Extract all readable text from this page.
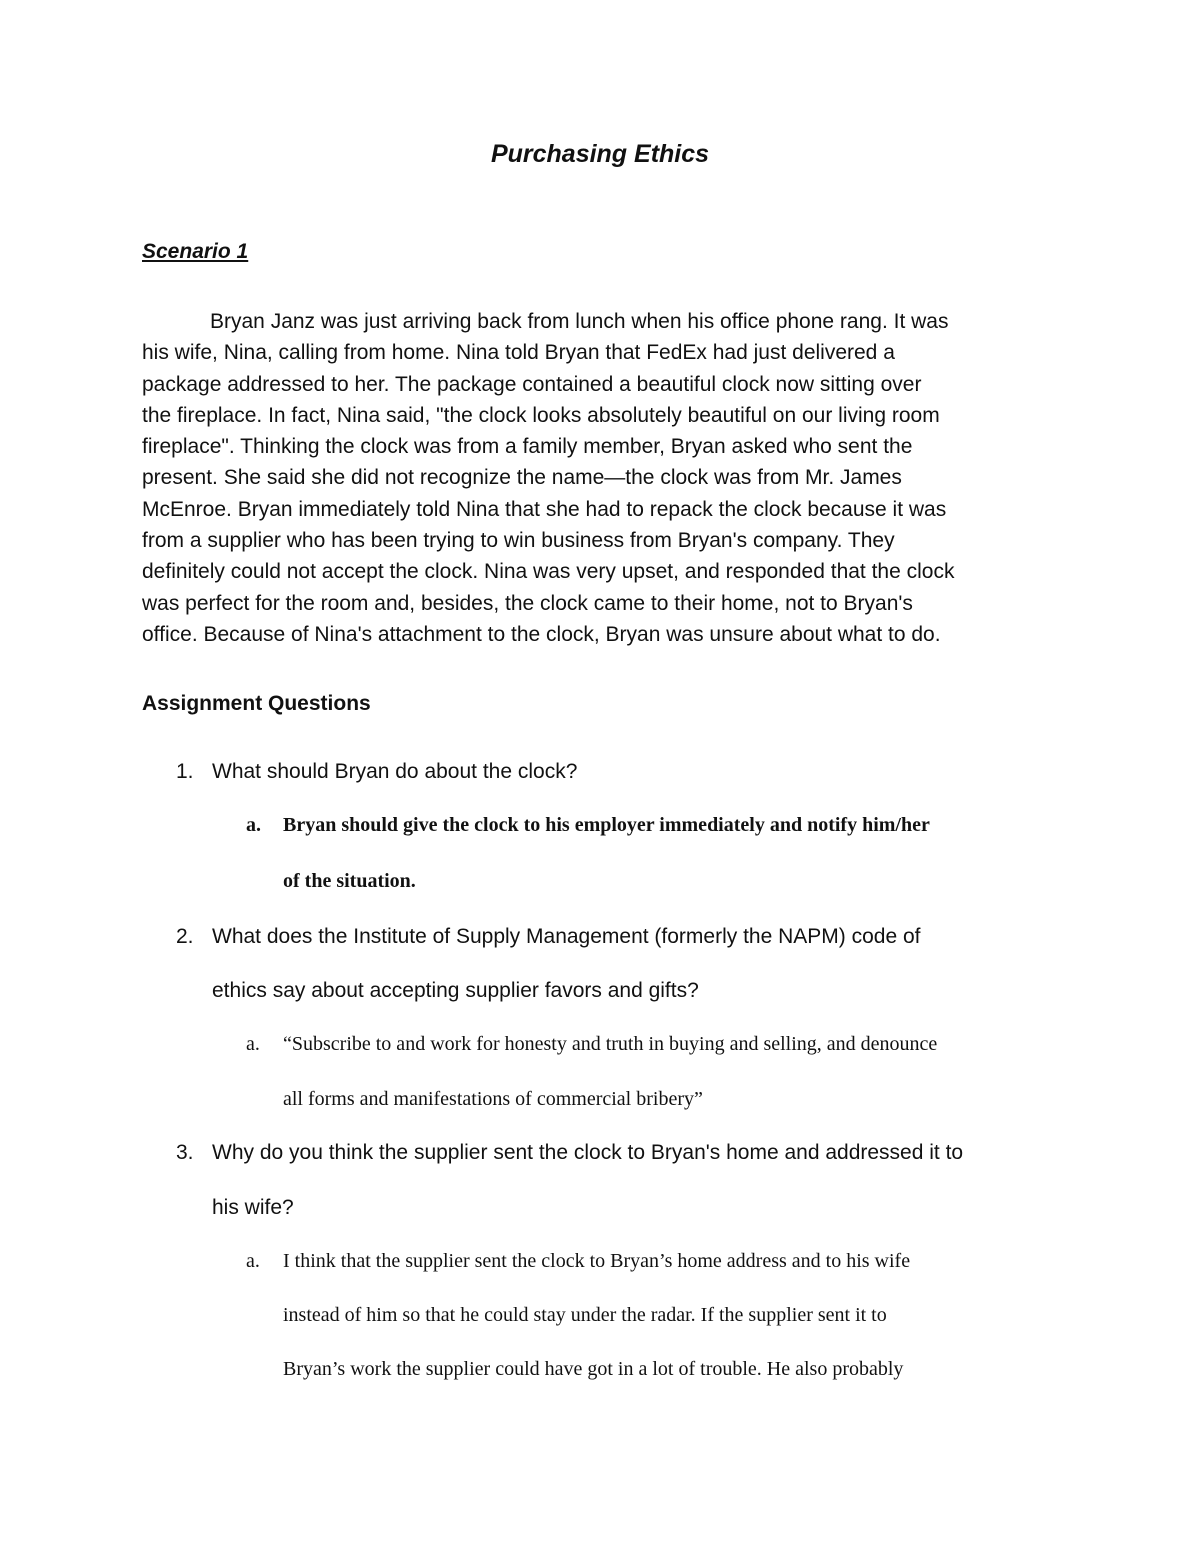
Purchasing Ethics
Scenario 1
Bryan Janz was just arriving back from lunch when his office phone rang. It was
his wife, Nina, calling from home. Nina told Bryan that FedEx had just delivered a
package addressed to her. The package contained a beautiful clock now sitting over
the fireplace. In fact, Nina said, "the clock looks absolutely beautiful on our living room
fireplace". Thinking the clock was from a family member, Bryan asked who sent the
present. She said she did not recognize the name—the clock was from Mr. James
McEnroe. Bryan immediately told Nina that she had to repack the clock because it was
from a supplier who has been trying to win business from Bryan's company. They
definitely could not accept the clock. Nina was very upset, and responded that the clock
was perfect for the room and, besides, the clock came to their home, not to Bryan's
office. Because of Nina's attachment to the clock, Bryan was unsure about what to do.
Assignment Questions
1. What should Bryan do about the clock?
a. Bryan should give the clock to his employer immediately and notify him/her
of the situation.
2. What does the Institute of Supply Management (formerly the NAPM) code of
ethics say about accepting supplier favors and gifts?
a. “Subscribe to and work for honesty and truth in buying and selling, and denounce
all forms and manifestations of commercial bribery”
3. Why do you think the supplier sent the clock to Bryan's home and addressed it to
his wife?
a. I think that the supplier sent the clock to Bryan’s home address and to his wife
instead of him so that he could stay under the radar. If the supplier sent it to
Bryan’s work the supplier could have got in a lot of trouble. He also probably
